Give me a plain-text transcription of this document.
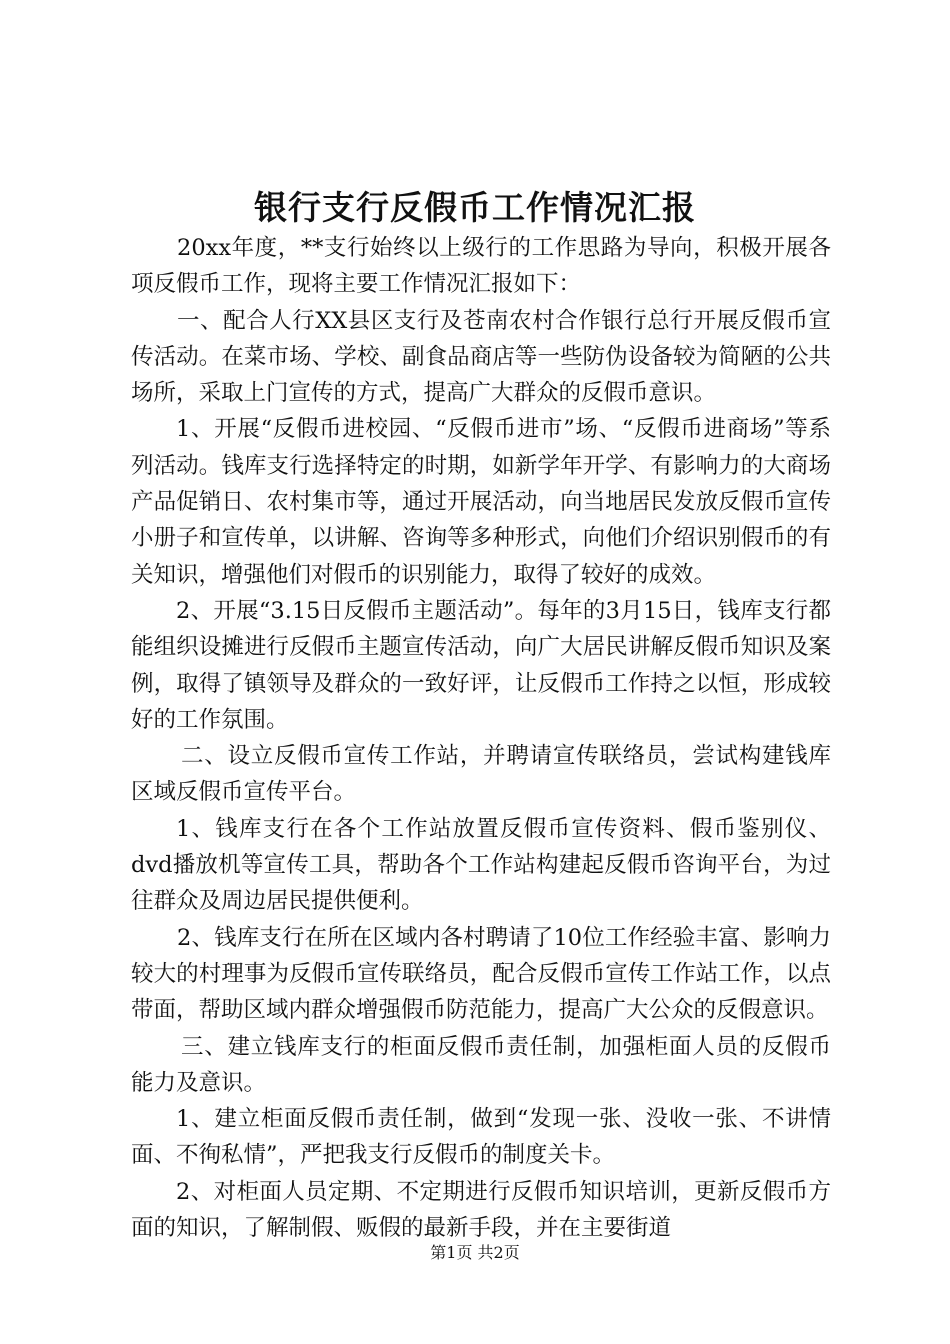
银行支行反假币工作情况汇报

20xx年度，**支行始终以上级行的工作思路为导向，积极开展各项反假币工作，现将主要工作情况汇报如下：

一、配合人行XX县区支行及苍南农村合作银行总行开展反假币宣传活动。在菜市场、学校、副食品商店等一些防伪设备较为简陋的公共场所，采取上门宣传的方式，提高广大群众的反假币意识。

1、开展“反假币进校园、“反假币进市”场、“反假币进商场”等系列活动。钱库支行选择特定的时期，如新学年开学、有影响力的大商场产品促销日、农村集市等，通过开展活动，向当地居民发放反假币宣传小册子和宣传单，以讲解、咨询等多种形式，向他们介绍识别假币的有关知识，增强他们对假币的识别能力，取得了较好的成效。

2、开展“3.15日反假币主题活动”。每年的3月15日，钱库支行都能组织设摊进行反假币主题宣传活动，向广大居民讲解反假币知识及案例，取得了镇领导及群众的一致好评，让反假币工作持之以恒，形成较好的工作氛围。

二、设立反假币宣传工作站，并聘请宣传联络员，尝试构建钱库区域反假币宣传平台。

1、钱库支行在各个工作站放置反假币宣传资料、假币鉴别仪、dvd播放机等宣传工具，帮助各个工作站构建起反假币咨询平台，为过往群众及周边居民提供便利。

2、钱库支行在所在区域内各村聘请了10位工作经验丰富、影响力较大的村理事为反假币宣传联络员，配合反假币宣传工作站工作，以点带面，帮助区域内群众增强假币防范能力，提高广大公众的反假意识。

三、建立钱库支行的柜面反假币责任制，加强柜面人员的反假币能力及意识。

1、建立柜面反假币责任制，做到“发现一张、没收一张、不讲情面、不徇私情”，严把我支行反假币的制度关卡。

2、对柜面人员定期、不定期进行反假币知识培训，更新反假币方面的知识，了解制假、贩假的最新手段，并在主要街道

第1页 共2页
